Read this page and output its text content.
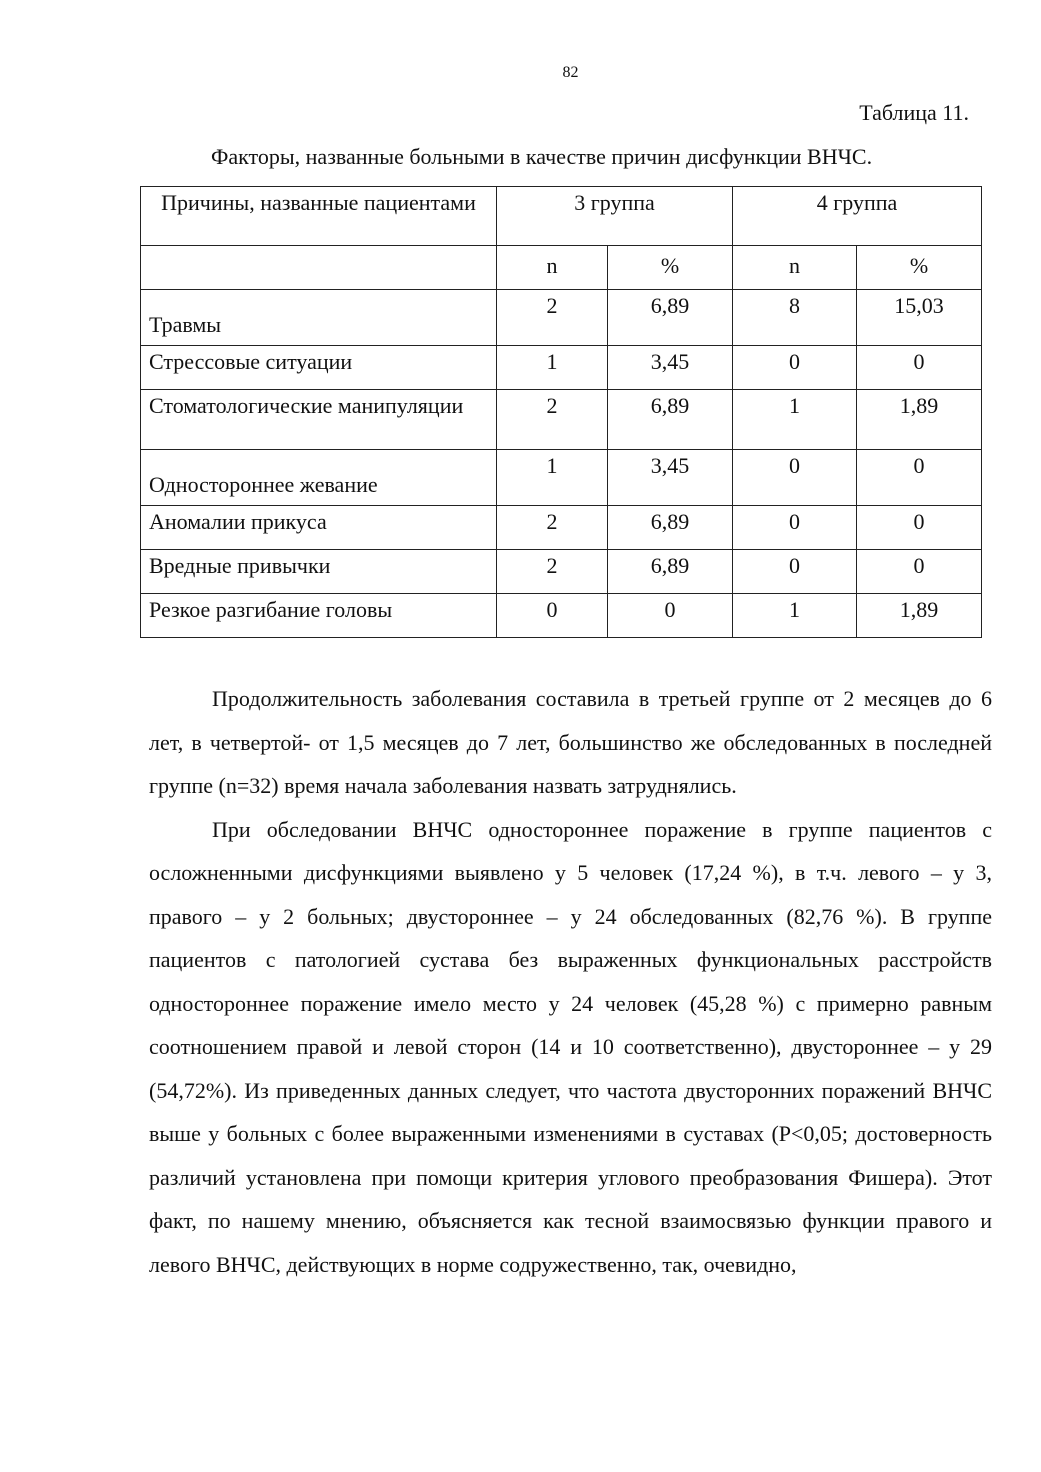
82
Таблица 11.
Факторы, названные больными в качестве причин дисфункции ВНЧС.
Причины, названные пациентами	3 группа		4 группа	
	n	%	n	%
Травмы	2	6,89	8	15,03
Стрессовые ситуации	1	3,45	0	0
Стоматологические манипуляции	2	6,89	1	1,89
Одностороннее жевание	1	3,45	0	0
Аномалии прикуса	2	6,89	0	0
Вредные привычки	2	6,89	0	0
Резкое разгибание головы	0	0	1	1,89

Продолжительность заболевания составила в третьей группе от 2 месяцев до 6 лет, в четвертой- от 1,5 месяцев до 7 лет, большинство же обследованных в последней группе (n=32) время начала заболевания назвать затруднялись.

При обследовании ВНЧС одностороннее поражение в группе пациентов с осложненными дисфункциями выявлено у 5 человек (17,24 %), в т.ч. левого – у 3, правого – у 2 больных; двустороннее – у 24 обследованных (82,76 %). В группе пациентов с патологией сустава без выраженных функциональных расстройств одностороннее поражение имело место у 24 человек (45,28 %) с примерно равным соотношением правой и левой сторон (14 и 10 соответственно), двустороннее – у 29 (54,72%). Из приведенных данных следует, что частота двусторонних поражений ВНЧС выше у больных с более выраженными изменениями в суставах (Р<0,05; достоверность различий установлена при помощи критерия углового преобразования Фишера). Этот факт, по нашему мнению, объясняется как тесной взаимосвязью функции правого и левого ВНЧС, действующих в норме содружественно, так, очевидно,
